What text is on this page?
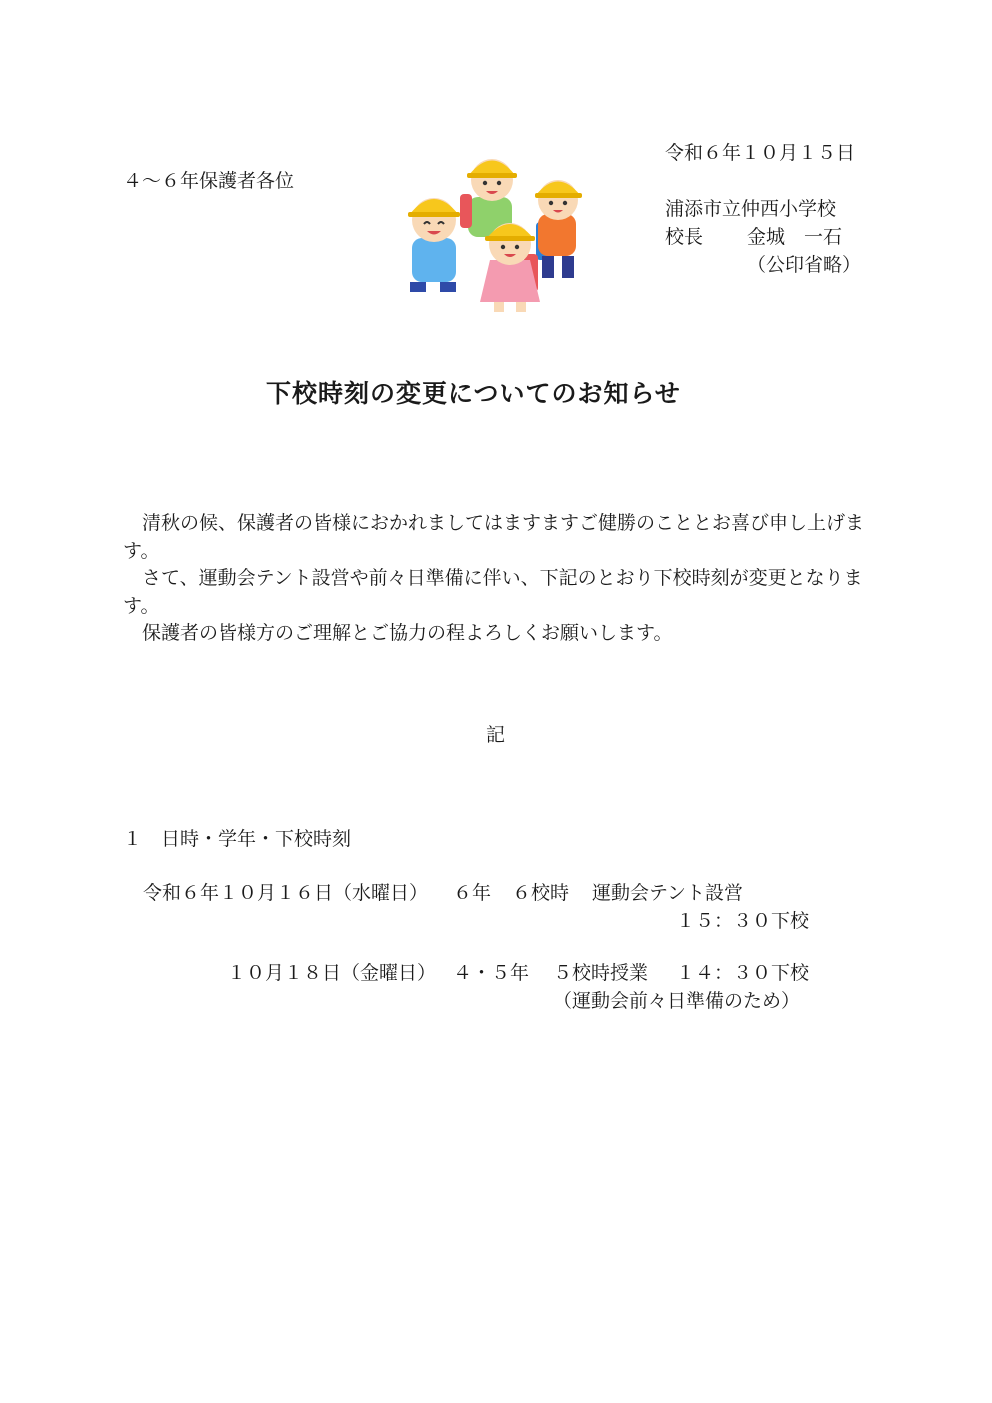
令和６年１０月１５日
４～６年保護者各位
浦添市立仲西小学校
校長 金城　一石
（公印省略）
下校時刻の変更についてのお知らせ

清秋の候、保護者の皆様におかれましてはますますご健勝のこととお喜び申し上げます。

さて、運動会テント設営や前々日準備に伴い、下記のとおり下校時刻が変更となります。

保護者の皆様方のご理解とご協力の程よろしくお願いします。

記
１　日時・学年・下校時刻
令和６年１０月１６日（水曜日） ６年 ６校時 運動会テント設営
１５：３０下校
１０月１８日（金曜日） ４・５年 ５校時授業 １４：３０下校
（運動会前々日準備のため）
